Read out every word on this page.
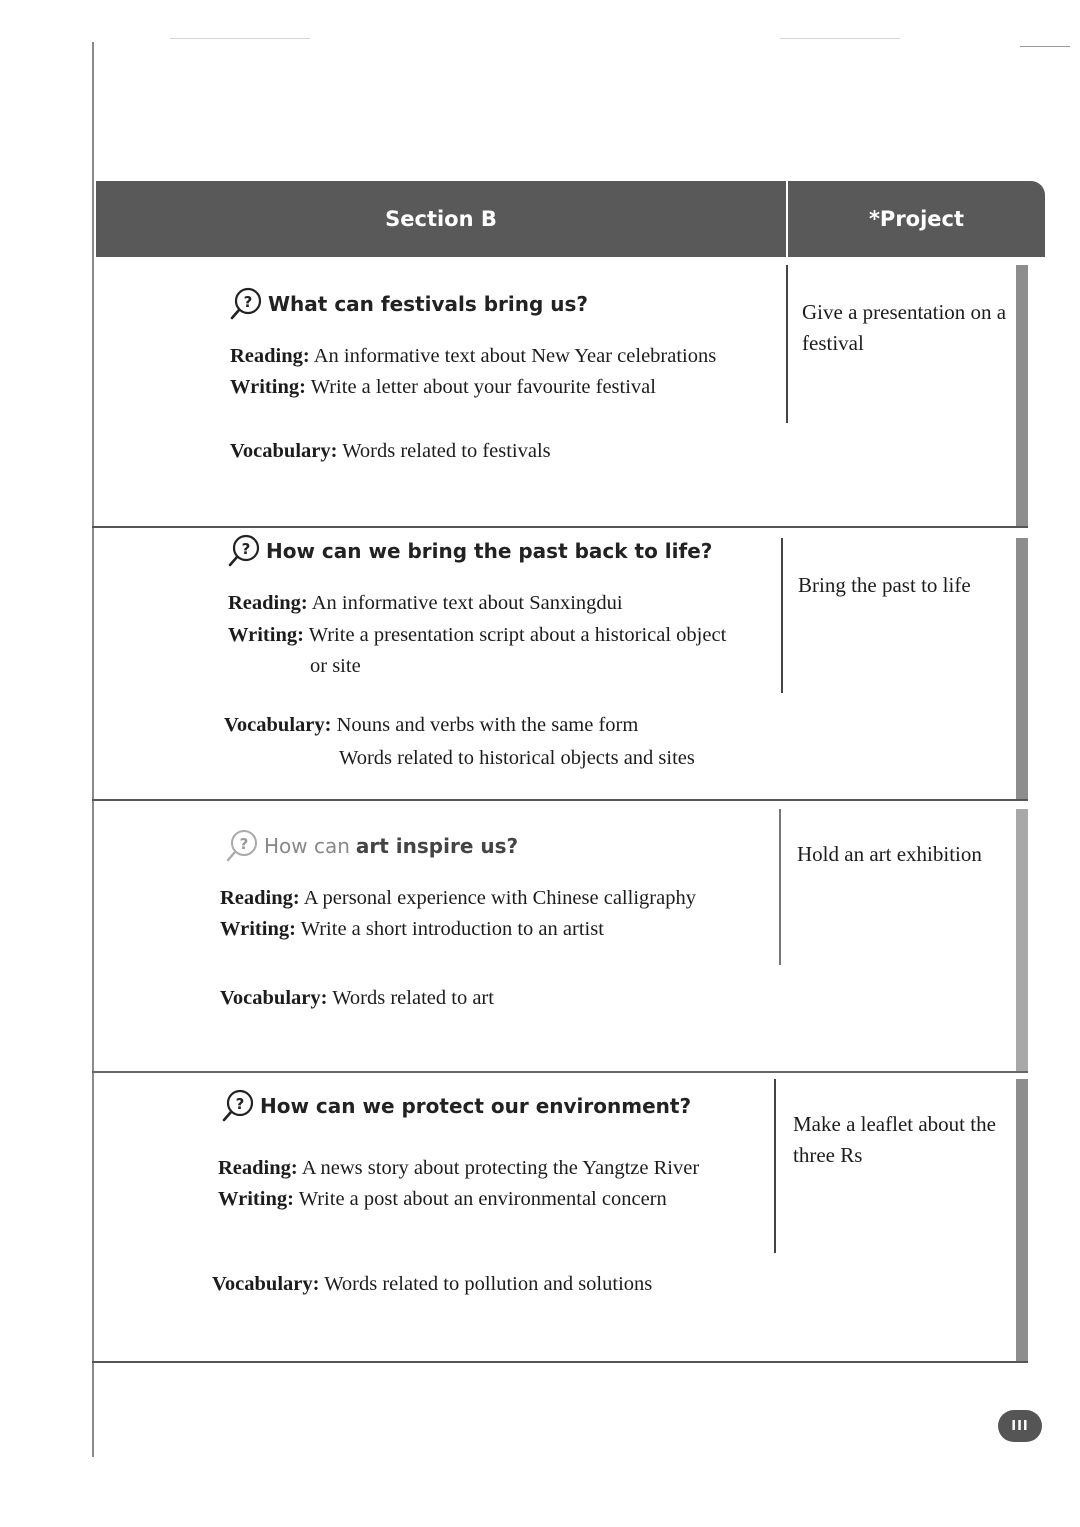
Section B	*Project
? What can festivals bring us?
Reading: An informative text about New Year celebrations
Writing: Write a letter about your favourite festival
Vocabulary: Words related to festivals
Give a presentation on a festival
? How can we bring the past back to life?
Reading: An informative text about Sanxingdui
Writing: Write a presentation script about a historical object
or site
Vocabulary: Nouns and verbs with the same form
Words related to historical objects and sites
Bring the past to life
? How can art inspire us?
Reading: A personal experience with Chinese calligraphy
Writing: Write a short introduction to an artist
Vocabulary: Words related to art
Hold an art exhibition
? How can we protect our environment?
Reading: A news story about protecting the Yangtze River
Writing: Write a post about an environmental concern
Vocabulary: Words related to pollution and solutions
Make a leaflet about the three Rs
III
